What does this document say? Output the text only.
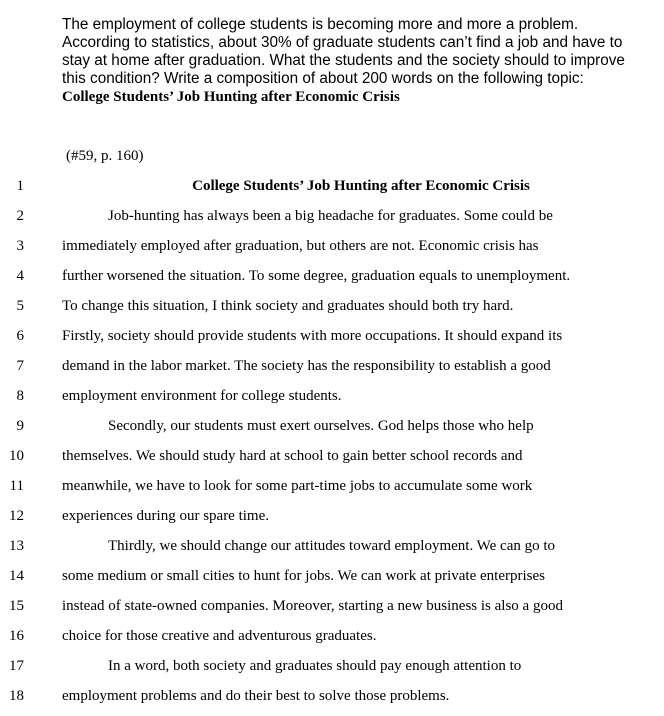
The employment of college students is becoming more and more a problem.
According to statistics, about 30% of graduate students can’t find a job and have to
stay at home after graduation. What the students and the society should to improve
this condition? Write a composition of about 200 words on the following topic:
College Students’ Job Hunting after Economic Crisis
(#59, p. 160)
1	College Students’ Job Hunting after Economic Crisis
2	Job-hunting has always been a big headache for graduates. Some could be
3	immediately employed after graduation, but others are not. Economic crisis has
4	further worsened the situation. To some degree, graduation equals to unemployment.
5	To change this situation, I think society and graduates should both try hard.
6	Firstly, society should provide students with more occupations. It should expand its
7	demand in the labor market. The society has the responsibility to establish a good
8	employment environment for college students.
9	Secondly, our students must exert ourselves. God helps those who help
10	themselves. We should study hard at school to gain better school records and
11	meanwhile, we have to look for some part-time jobs to accumulate some work
12	experiences during our spare time.
13	Thirdly, we should change our attitudes toward employment. We can go to
14	some medium or small cities to hunt for jobs. We can work at private enterprises
15	instead of state-owned companies. Moreover, starting a new business is also a good
16	choice for those creative and adventurous graduates.
17	In a word, both society and graduates should pay enough attention to
18	employment problems and do their best to solve those problems.
